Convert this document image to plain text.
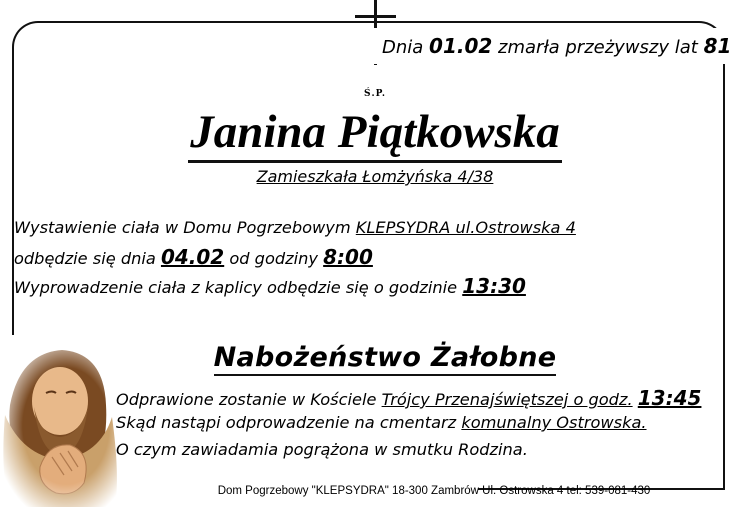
Dnia 01.02 zmarła przeżywszy lat 81
Ś.P.
Janina Piątkowska
Zamieszkała Łomżyńska 4/38
Wystawienie ciała w Domu Pogrzebowym KLEPSYDRA ul.Ostrowska 4
odbędzie się dnia 04.02 od godziny 8:00
Wyprowadzenie ciała z kaplicy odbędzie się o godzinie 13:30
Nabożeństwo Żałobne
Odprawione zostanie w Kościele Trójcy Przenajświętszej o godz. 13:45
Skąd nastąpi odprowadzenie na cmentarz komunalny Ostrowska.
O czym zawiadamia pogrążona w smutku Rodzina.
Dom Pogrzebowy "KLEPSYDRA" 18-300 Zambrów Ul. Ostrowska 4 tel: 539-081-430
